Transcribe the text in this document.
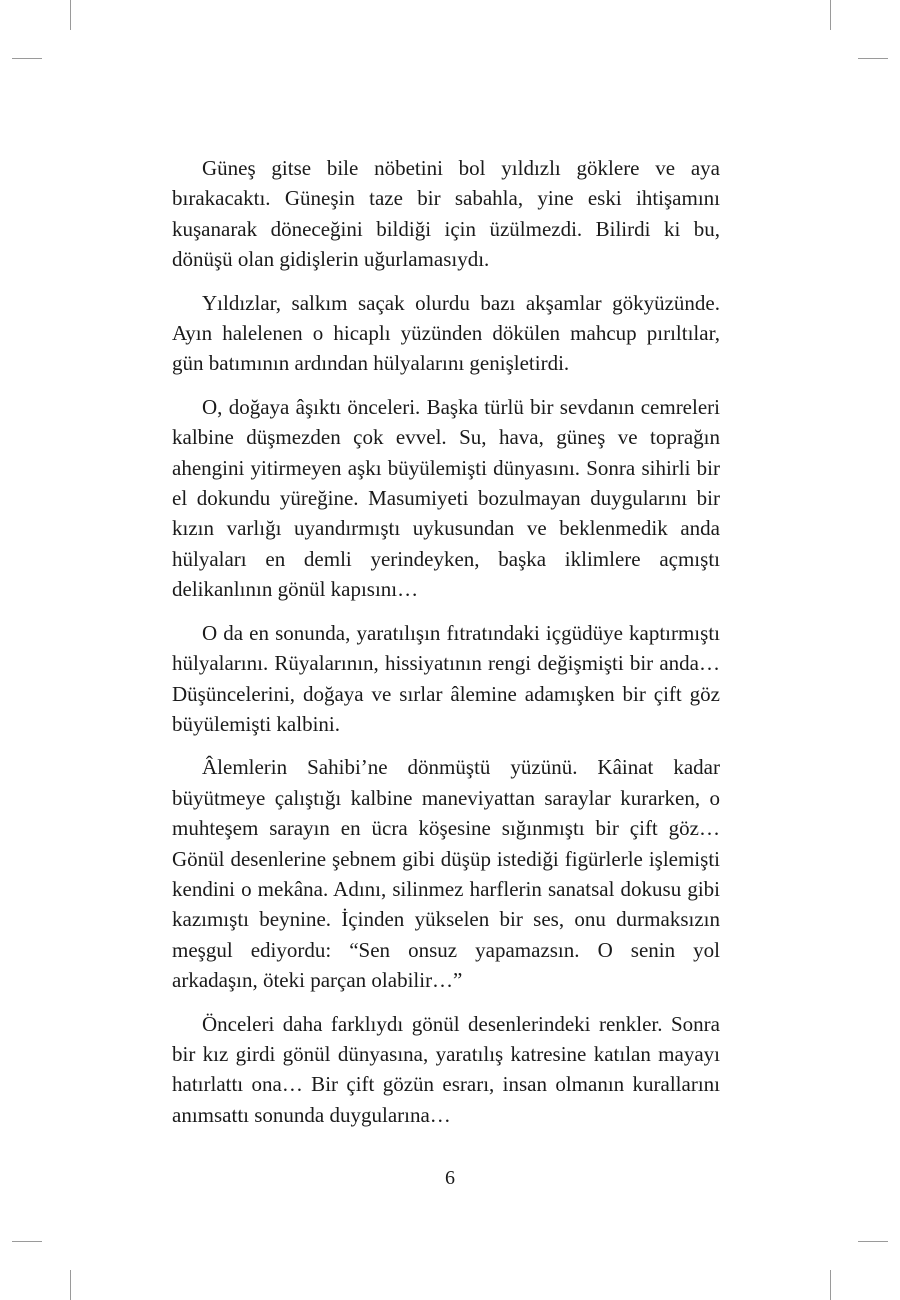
Güneş gitse bile nöbetini bol yıldızlı göklere ve aya bırakacaktı. Güneşin taze bir sabahla, yine eski ihtişamını kuşanarak döneceğini bildiği için üzülmezdi. Bilirdi ki bu, dönüşü olan gidişlerin uğurlamasıydı.

Yıldızlar, salkım saçak olurdu bazı akşamlar gökyüzünde. Ayın halelenen o hicaplı yüzünden dökülen mahcup pırıltılar, gün batımının ardından hülyalarını genişletirdi.

O, doğaya âşıktı önceleri. Başka türlü bir sevdanın cemreleri kalbine düşmezden çok evvel. Su, hava, güneş ve toprağın ahengini yitirmeyen aşkı büyülemişti dünyasını. Sonra sihirli bir el dokundu yüreğine. Masumiyeti bozulmayan duygularını bir kızın varlığı uyandırmıştı uykusundan ve beklenmedik anda hülyaları en demli yerindeyken, başka iklimlere açmıştı delikanlının gönül kapısını…

O da en sonunda, yaratılışın fıtratındaki içgüdüye kaptırmıştı hülyalarını. Rüyalarının, hissiyatının rengi değişmişti bir anda… Düşüncelerini, doğaya ve sırlar âlemine adamışken bir çift göz büyülemişti kalbini.

Âlemlerin Sahibi’ne dönmüştü yüzünü. Kâinat kadar büyütmeye çalıştığı kalbine maneviyattan saraylar kurarken, o muhteşem sarayın en ücra köşesine sığınmıştı bir çift göz… Gönül desenlerine şebnem gibi düşüp istediği figürlerle işlemişti kendini o mekâna. Adını, silinmez harflerin sanatsal dokusu gibi kazımıştı beynine. İçinden yükselen bir ses, onu durmaksızın meşgul ediyordu: “Sen onsuz yapamazsın. O senin yol arkadaşın, öteki parçan olabilir…”

Önceleri daha farklıydı gönül desenlerindeki renkler. Sonra bir kız girdi gönül dünyasına, yaratılış katresine katılan mayayı hatırlattı ona… Bir çift gözün esrarı, insan olmanın kurallarını anımsattı sonunda duygularına…

6
